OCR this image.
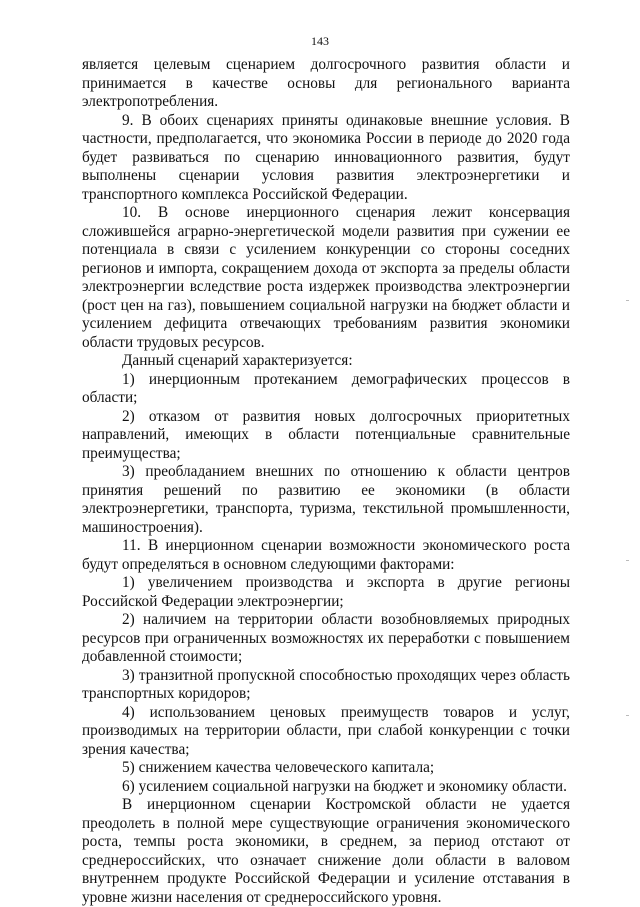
143

является целевым сценарием долгосрочного развития области и принимается в качестве основы для регионального варианта электропотребления.

9. В обоих сценариях приняты одинаковые внешние условия. В частности, предполагается, что экономика России в периоде до 2020 года будет развиваться по сценарию инновационного развития, будут выполнены сценарии условия развития электроэнергетики и транспортного комплекса Российской Федерации.

10. В основе инерционного сценария лежит консервация сложившейся аграрно-энергетической модели развития при сужении ее потенциала в связи с усилением конкуренции со стороны соседних регионов и импорта, сокращением дохода от экспорта за пределы области электроэнергии вследствие роста издержек производства электроэнергии (рост цен на газ), повышением социальной нагрузки на бюджет области и усилением дефицита отвечающих требованиям развития экономики области трудовых ресурсов.

Данный сценарий характеризуется:

1) инерционным протеканием демографических процессов в области;

2) отказом от развития новых долгосрочных приоритетных направлений, имеющих в области потенциальные сравнительные преимущества;

3) преобладанием внешних по отношению к области центров принятия решений по развитию ее экономики (в области электроэнергетики, транспорта, туризма, текстильной промышленности, машиностроения).

11. В инерционном сценарии возможности экономического роста будут определяться в основном следующими факторами:

1) увеличением производства и экспорта в другие регионы Российской Федерации электроэнергии;

2) наличием на территории области возобновляемых природных ресурсов при ограниченных возможностях их переработки с повышением добавленной стоимости;

3) транзитной пропускной способностью проходящих через область транспортных коридоров;

4) использованием ценовых преимуществ товаров и услуг, производимых на территории области, при слабой конкуренции с точки зрения качества;

5) снижением качества человеческого капитала;

6) усилением социальной нагрузки на бюджет и экономику области.

В инерционном сценарии Костромской области не удается преодолеть в полной мере существующие ограничения экономического роста, темпы роста экономики, в среднем, за период отстают от среднероссийских, что означает снижение доли области в валовом внутреннем продукте Российской Федерации и усиление отставания в уровне жизни населения от среднероссийского уровня.
